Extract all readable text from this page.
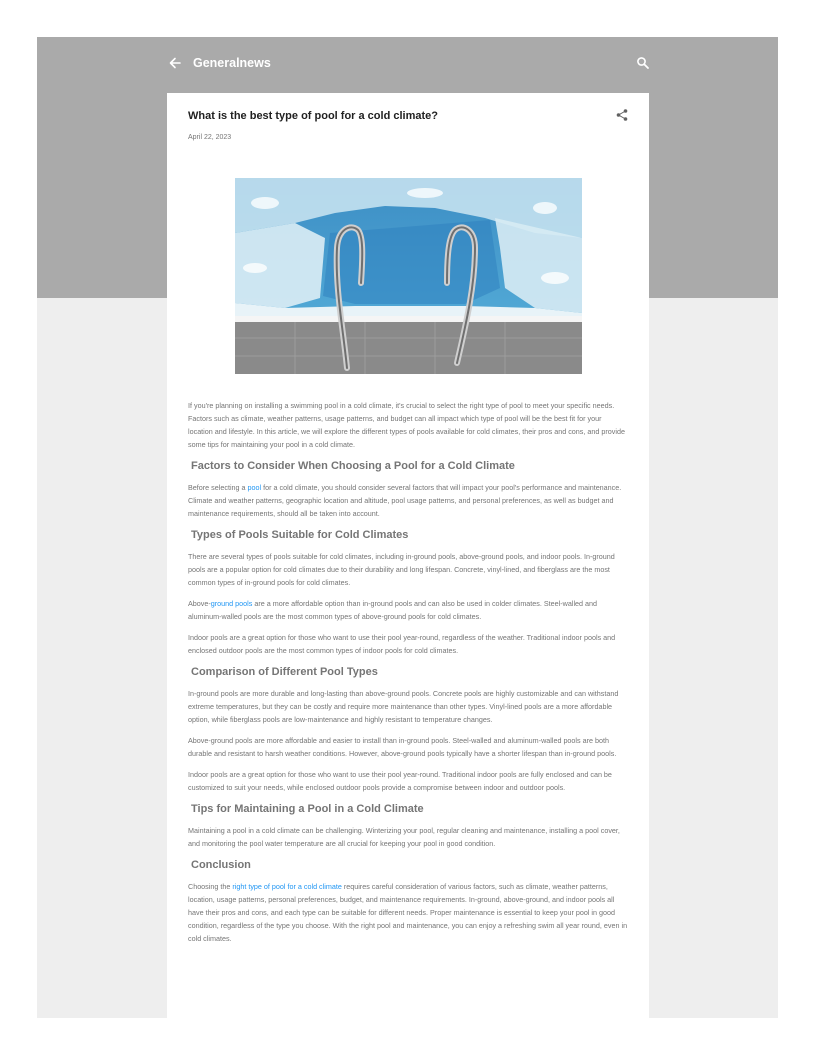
Generalnews
What is the best type of pool for a cold climate?
April 22, 2023

If you're planning on installing a swimming pool in a cold climate, it's crucial to select the right type of pool to meet your specific needs. Factors such as climate, weather patterns, usage patterns, and budget can all impact which type of pool will be the best fit for your location and lifestyle. In this article, we will explore the different types of pools available for cold climates, their pros and cons, and provide some tips for maintaining your pool in a cold climate.

Factors to Consider When Choosing a Pool for a Cold Climate

Before selecting a pool for a cold climate, you should consider several factors that will impact your pool's performance and maintenance. Climate and weather patterns, geographic location and altitude, pool usage patterns, and personal preferences, as well as budget and maintenance requirements, should all be taken into account.

Types of Pools Suitable for Cold Climates

There are several types of pools suitable for cold climates, including in-ground pools, above-ground pools, and indoor pools. In-ground pools are a popular option for cold climates due to their durability and long lifespan. Concrete, vinyl-lined, and fiberglass are the most common types of in-ground pools for cold climates.

Above-ground pools are a more affordable option than in-ground pools and can also be used in colder climates. Steel-walled and aluminum-walled pools are the most common types of above-ground pools for cold climates.

Indoor pools are a great option for those who want to use their pool year-round, regardless of the weather. Traditional indoor pools and enclosed outdoor pools are the most common types of indoor pools for cold climates.

Comparison of Different Pool Types

In-ground pools are more durable and long-lasting than above-ground pools. Concrete pools are highly customizable and can withstand extreme temperatures, but they can be costly and require more maintenance than other types. Vinyl-lined pools are a more affordable option, while fiberglass pools are low-maintenance and highly resistant to temperature changes.

Above-ground pools are more affordable and easier to install than in-ground pools. Steel-walled and aluminum-walled pools are both durable and resistant to harsh weather conditions. However, above-ground pools typically have a shorter lifespan than in-ground pools.

Indoor pools are a great option for those who want to use their pool year-round. Traditional indoor pools are fully enclosed and can be customized to suit your needs, while enclosed outdoor pools provide a compromise between indoor and outdoor pools.

Tips for Maintaining a Pool in a Cold Climate

Maintaining a pool in a cold climate can be challenging. Winterizing your pool, regular cleaning and maintenance, installing a pool cover, and monitoring the pool water temperature are all crucial for keeping your pool in good condition.

Conclusion

Choosing the right type of pool for a cold climate requires careful consideration of various factors, such as climate, weather patterns, location, usage patterns, personal preferences, budget, and maintenance requirements. In-ground, above-ground, and indoor pools all have their pros and cons, and each type can be suitable for different needs. Proper maintenance is essential to keep your pool in good condition, regardless of the type you choose. With the right pool and maintenance, you can enjoy a refreshing swim all year round, even in cold climates.
